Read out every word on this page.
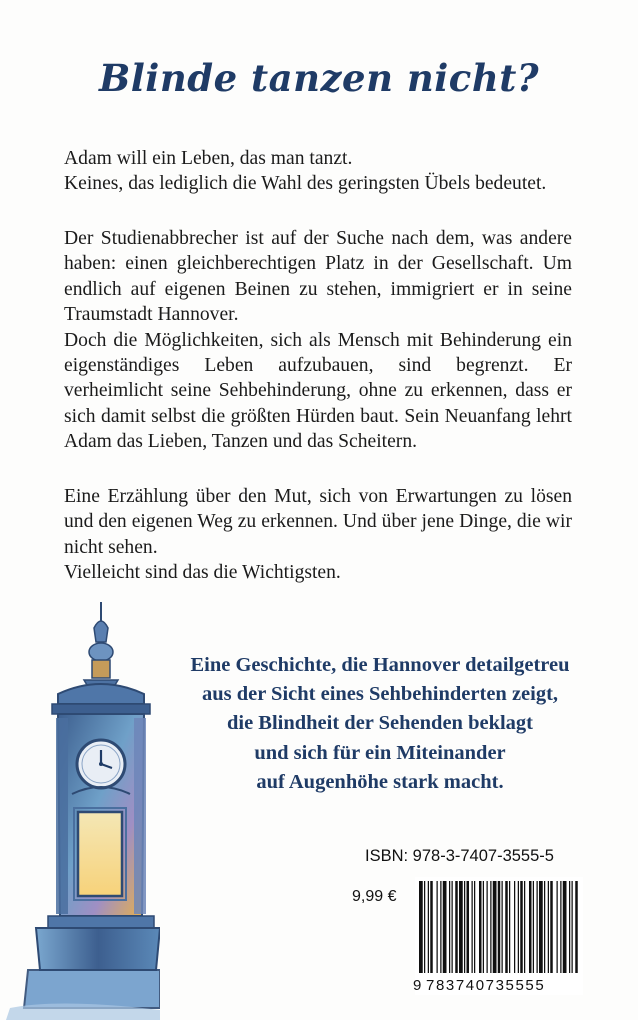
Blinde tanzen nicht?

Adam will ein Leben, das man tanzt.

Keines, das lediglich die Wahl des geringsten Übels bedeutet.

Der Studienabbrecher ist auf der Suche nach dem, was andere haben: einen gleichberechtigen Platz in der Gesellschaft. Um endlich auf eigenen Beinen zu stehen, immigriert er in seine Traumstadt Hannover.

Doch die Möglichkeiten, sich als Mensch mit Behinderung ein eigenständiges Leben aufzubauen, sind begrenzt. Er verheimlicht seine Sehbehinderung, ohne zu erkennen, dass er sich damit selbst die größten Hürden baut. Sein Neuanfang lehrt Adam das Lieben, Tanzen und das Scheitern.

Eine Erzählung über den Mut, sich von Erwartungen zu lösen und den eigenen Weg zu erkennen. Und über jene Dinge, die wir nicht sehen.

Vielleicht sind das die Wichtigsten.

Eine Geschichte, die Hannover detailgetreu

aus der Sicht eines Sehbehinderten zeigt,

die Blindheit der Sehenden beklagt

und sich für ein Miteinander

auf Augenhöhe stark macht.

ISBN: 978-3-7407-3555-5
9,99 €
9 783740735555
